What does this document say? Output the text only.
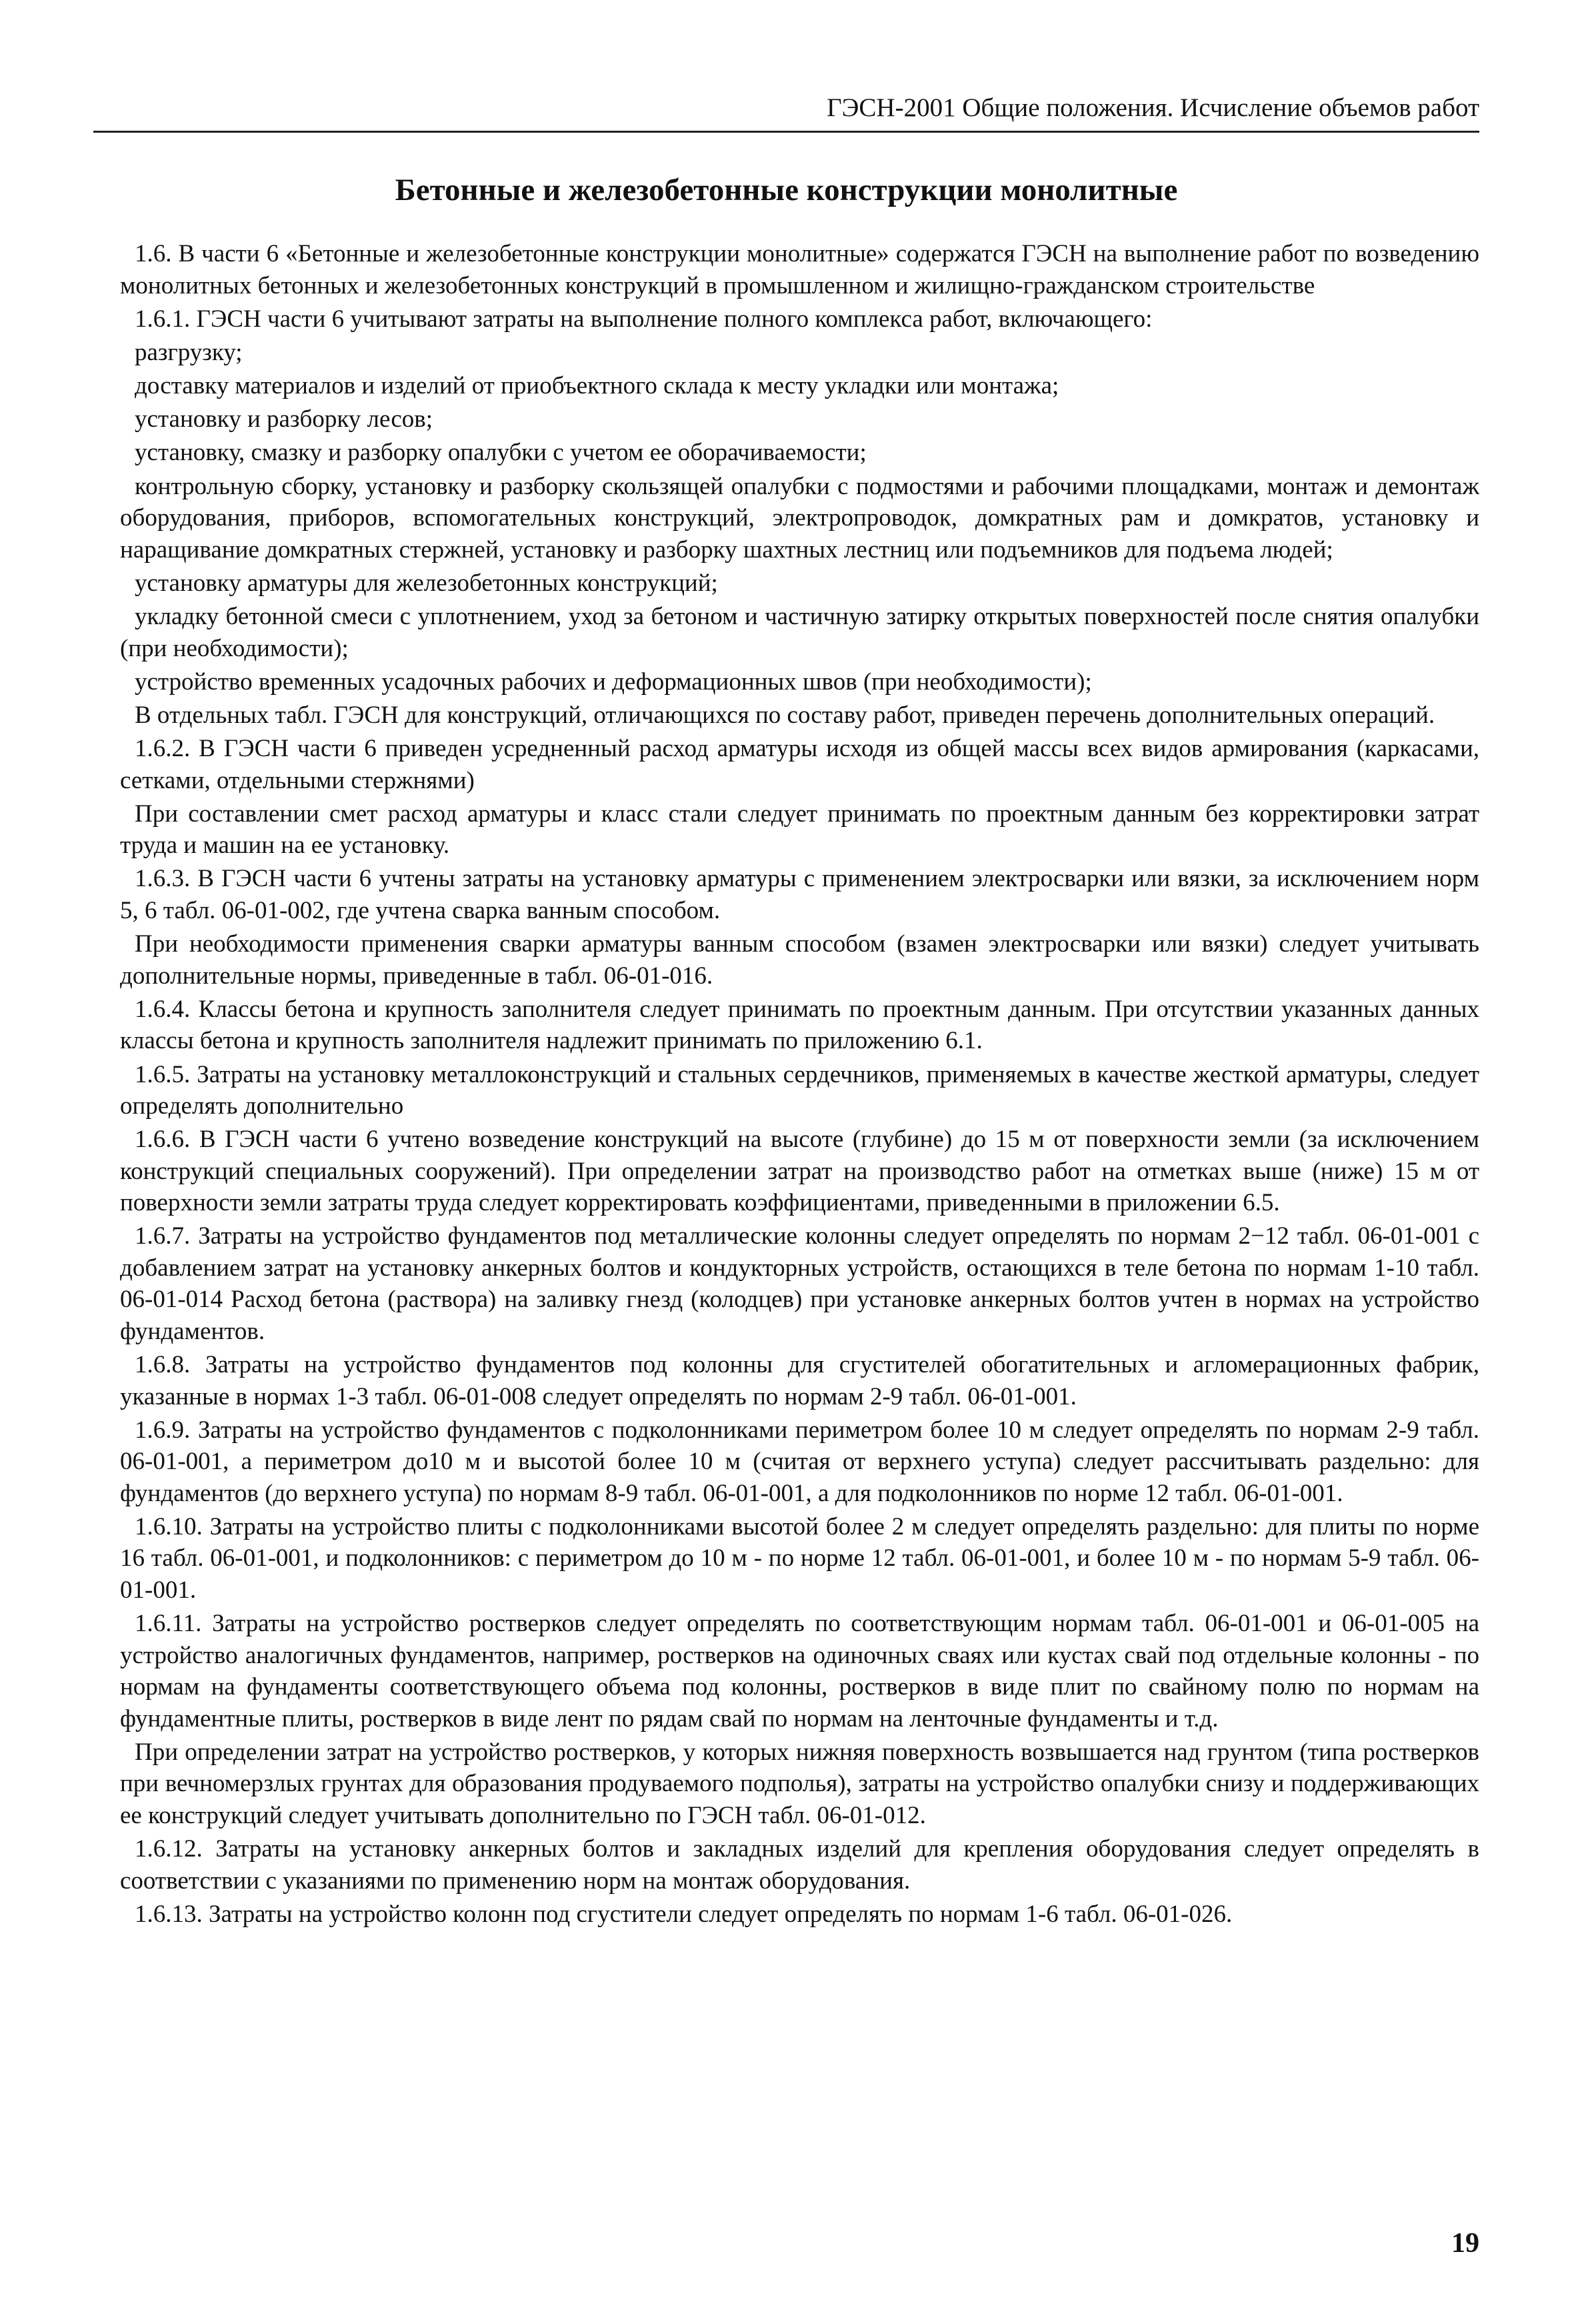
ГЭСН-2001 Общие положения. Исчисление объемов работ
Бетонные и железобетонные конструкции монолитные

1.6. В части 6 «Бетонные и железобетонные конструкции монолитные» содержатся ГЭСН на выполнение работ по возведению монолитных бетонных и железобетонных конструкций в промышленном и жилищно-гражданском строительстве

1.6.1. ГЭСН части 6 учитывают затраты на выполнение полного комплекса работ, включающего:

разгрузку;

доставку материалов и изделий от приобъектного склада к месту укладки или монтажа;

установку и разборку лесов;

установку, смазку и разборку опалубки с учетом ее оборачиваемости;

контрольную сборку, установку и разборку скользящей опалубки с подмостями и рабочими площадками, монтаж и демонтаж оборудования, приборов, вспомогательных конструкций, электропроводок, домкратных рам и домкратов, установку и наращивание домкратных стержней, установку и разборку шахтных лестниц или подъемников для подъема людей;

установку арматуры для железобетонных конструкций;

укладку бетонной смеси с уплотнением, уход за бетоном и частичную затирку открытых поверхностей после снятия опалубки (при необходимости);

устройство временных усадочных рабочих и деформационных швов (при необходимости);

В отдельных табл. ГЭСН для конструкций, отличающихся по составу работ, приведен перечень дополнительных операций.

1.6.2. В ГЭСН части 6 приведен усредненный расход арматуры исходя из общей массы всех видов армирования (каркасами, сетками, отдельными стержнями)

При составлении смет расход арматуры и класс стали следует принимать по проектным данным без корректировки затрат труда и машин на ее установку.

1.6.3. В ГЭСН части 6 учтены затраты на установку арматуры с применением электросварки или вязки, за исключением норм 5, 6 табл. 06-01-002, где учтена сварка ванным способом.

При необходимости применения сварки арматуры ванным способом (взамен электросварки или вязки) следует учитывать дополнительные нормы, приведенные в табл. 06-01-016.

1.6.4. Классы бетона и крупность заполнителя следует принимать по проектным данным. При отсутствии указанных данных классы бетона и крупность заполнителя надлежит принимать по приложению 6.1.

1.6.5. Затраты на установку металлоконструкций и стальных сердечников, применяемых в качестве жесткой арматуры, следует определять дополнительно

1.6.6. В ГЭСН части 6 учтено возведение конструкций на высоте (глубине) до 15 м от поверхности земли (за исключением конструкций специальных сооружений). При определении затрат на производство работ на отметках выше (ниже) 15 м от поверхности земли затраты труда следует корректировать коэффициентами, приведенными в приложении 6.5.

1.6.7. Затраты на устройство фундаментов под металлические колонны следует определять по нормам 2−12 табл. 06-01-001 с добавлением затрат на установку анкерных болтов и кондукторных устройств, остающихся в теле бетона по нормам 1-10 табл. 06-01-014 Расход бетона (раствора) на заливку гнезд (колодцев) при установке анкерных болтов учтен в нормах на устройство фундаментов.

1.6.8. Затраты на устройство фундаментов под колонны для сгустителей обогатительных и агломерационных фабрик, указанные в нормах 1-3 табл. 06-01-008 следует определять по нормам 2-9 табл. 06-01-001.

1.6.9. Затраты на устройство фундаментов с подколонниками периметром более 10 м следует определять по нормам 2-9 табл. 06-01-001, а периметром до10 м и высотой более 10 м (считая от верхнего уступа) следует рассчитывать раздельно: для фундаментов (до верхнего уступа) по нормам 8-9 табл. 06-01-001, а для подколонников по норме 12 табл. 06-01-001.

1.6.10. Затраты на устройство плиты с подколонниками высотой более 2 м следует определять раздельно: для плиты по норме 16 табл. 06-01-001, и подколонников: с периметром до 10 м - по норме 12 табл. 06-01-001, и более 10 м - по нормам 5-9 табл. 06-01-001.

1.6.11. Затраты на устройство ростверков следует определять по соответствующим нормам табл. 06-01-001 и 06-01-005 на устройство аналогичных фундаментов, например, ростверков на одиночных сваях или кустах свай под отдельные колонны - по нормам на фундаменты соответствующего объема под колонны, ростверков в виде плит по свайному полю по нормам на фундаментные плиты, ростверков в виде лент по рядам свай по нормам на ленточные фундаменты и т.д.

При определении затрат на устройство ростверков, у которых нижняя поверхность возвышается над грунтом (типа ростверков при вечномерзлых грунтах для образования продуваемого подполья), затраты на устройство опалубки снизу и поддерживающих ее конструкций следует учитывать дополнительно по ГЭСН табл. 06-01-012.

1.6.12. Затраты на установку анкерных болтов и закладных изделий для крепления оборудования следует определять в соответствии с указаниями по применению норм на монтаж оборудования.

1.6.13. Затраты на устройство колонн под сгустители следует определять по нормам 1-6 табл. 06-01-026.

19
